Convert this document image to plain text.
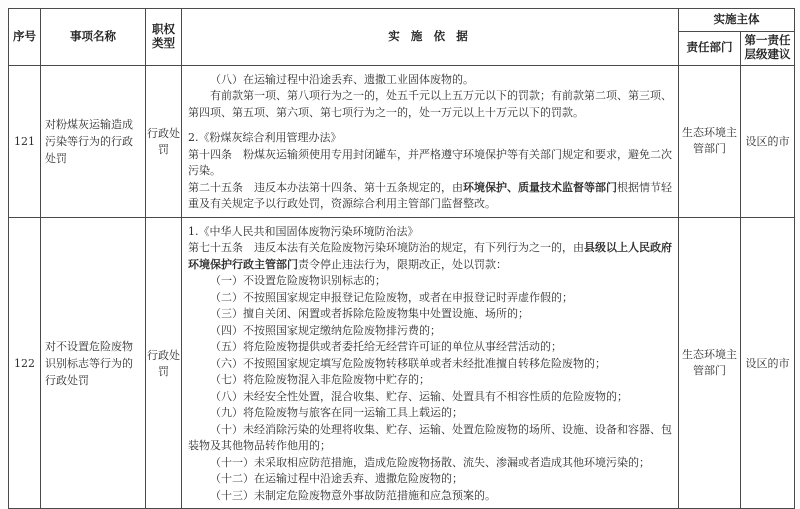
序号	事项名称	职权类型	实 施 依 据	实施主体	
				责任部门	第一责任层级建议
121	对粉煤灰运输造成污染等行为的行政处罚	行政处罚	（八）在运输过程中沿途丢弃、遗撒工业固体废物的。

有前款第一项、第八项行为之一的，处五千元以上五万元以下的罚款；有前款第二项、第三项、第四项、第五项、第六项、第七项行为之一的，处一万元以上十万元以下的罚款。

2.《粉煤灰综合利用管理办法》

第十四条　粉煤灰运输须使用专用封闭罐车，并严格遵守环境保护等有关部门规定和要求，避免二次污染。

第二十五条　违反本办法第十四条、第十五条规定的，由环境保护、质量技术监督等部门根据情节轻重及有关规定予以行政处罚，资源综合利用主管部门监督整改。	生态环境主管部门	设区的市
122	对不设置危险废物识别标志等行为的行政处罚	行政处罚	

1.《中华人民共和国固体废物污染环境防治法》

第七十五条　违反本法有关危险废物污染环境防治的规定，有下列行为之一的，由县级以上人民政府环境保护行政主管部门责令停止违法行为，限期改正，处以罚款：

（一）不设置危险废物识别标志的；

（二）不按照国家规定申报登记危险废物，或者在申报登记时弄虚作假的；

（三）擅自关闭、闲置或者拆除危险废物集中处置设施、场所的；

（四）不按照国家规定缴纳危险废物排污费的；

（五）将危险废物提供或者委托给无经营许可证的单位从事经营活动的；

（六）不按照国家规定填写危险废物转移联单或者未经批准擅自转移危险废物的；

（七）将危险废物混入非危险废物中贮存的；

（八）未经安全性处置，混合收集、贮存、运输、处置具有不相容性质的危险废物的；

（九）将危险废物与旅客在同一运输工具上载运的；

（十）未经消除污染的处理将收集、贮存、运输、处置危险废物的场所、设施、设备和容器、包装物及其他物品转作他用的；

（十一）未采取相应防范措施，造成危险废物扬散、流失、渗漏或者造成其他环境污染的；

（十二）在运输过程中沿途丢弃、遗撒危险废物的；

（十三）未制定危险废物意外事故防范措施和应急预案的。

	生态环境主管部门	设区的市
